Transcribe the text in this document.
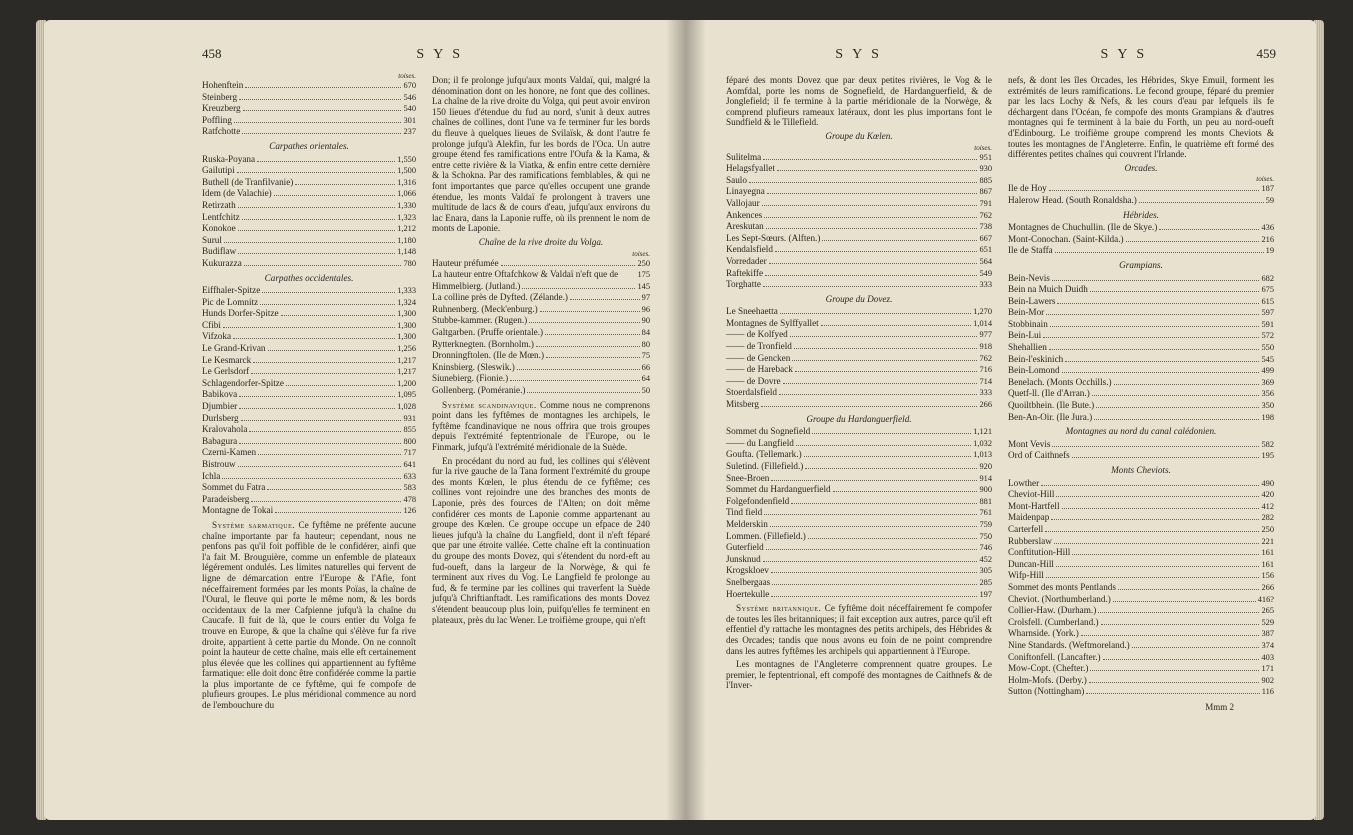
458	S Y S
toises.
Hohenftein	670
Steinberg	546
Kreuzberg	540
Poffling	301
Ratfchotte	237
Carpathes orientales.
Ruska-Poyana	1,550
Gailutipi	1,500
Buthell (de Tranfilvanie)	1,316
Idem (de Valachie)	1,066
Retirzath	1,330
Lentfchitz	1,323
Konokoe	1,212
Surul	1,180
Budiflaw	1,148
Kukurazza	780
Carpathes occidentales.
Eiffhaler-Spitze	1,333
Pic de Lomnitz	1,324
Hunds Dorfer-Spitze	1,300
Cfibi	1,300
Vifzoka	1,300
Le Grand-Krivan	1,256
Le Kesmarck	1,217
Le Gerlsdorf	1,217
Schlagendorfer-Spitze	1,200
Babikova	1,095
Djumbier	1,028
Durlsberg	931
Kralovahola	855
Babagura	800
Czerni-Kamen	717
Bistrouw	641
Ichla	633
Sommet du Fatra	583
Paradeisberg	478
Montagne de Tokai	126

Système sarmatique. Ce fyftême ne préfente aucune chaîne importante par fa hauteur; cependant, nous ne penfons pas qu'il foit poffible de le confidérer, ainfi que l'a fait M. Brouguière, comme un enfemble de plateaux légérement ondulés. Les limites naturelles qui fervent de ligne de démarcation entre l'Europe & l'Afie, font néceffairement formées par les monts Poïas, la chaîne de l'Oural, le fleuve qui porte le même nom, & les bords occidentaux de la mer Cafpienne jufqu'à la chaîne du Caucafe. Il fuit de là, que le cours entier du Volga fe trouve en Europe, & que la chaîne qui s'élève fur fa rive droite, appartient à cette partie du Monde. On ne connoît point la hauteur de cette chaîne, mais elle eft certainement plus élevée que les collines qui appartiennent au fyftême farmatique: elle doit donc être confidérée comme la partie la plus importante de ce fyftême, qui fe compofe de plufieurs groupes. Le plus méridional commence au nord de l'embouchure du

Don; il fe prolonge jufqu'aux monts Valdaï, qui, malgré la dénomination dont on les honore, ne font que des collines. La chaîne de la rive droite du Volga, qui peut avoir environ 150 lieues d'étendue du fud au nord, s'unit à deux autres chaînes de collines, dont l'une va fe terminer fur les bords du fleuve à quelques lieues de Svilaïsk, & dont l'autre fe prolonge jufqu'à Alekfin, fur les bords de l'Oca. Un autre groupe étend fes ramifications entre l'Oufa & la Kama, & entre cette rivière & la Viatka, & enfin entre cette dernière & la Schokna. Par des ramifications femblables, & qui ne font importantes que parce qu'elles occupent une grande étendue, les monts Valdaï fe prolongent à travers une multitude de lacs & de cours d'eau, jufqu'aux environs du lac Enara, dans la Laponie ruffe, où ils prennent le nom de monts de Laponie.

Chaîne de la rive droite du Volga.
toises.
Hauteur préfumée	250
La hauteur entre Oftafchkow & Valdaï n'eft que de	175
Himmelbierg. (Jutland.)	145
La colline près de Dyfted. (Zélande.)	97
Ruhnenberg. (Meck'enburg.)	96
Stubbe-kammer. (Rugen.)	90
Galtgarben. (Pruffe orientale.)	84
Rytterknegten. (Bornholm.)	80
Dronningftolen. (Ile de Mœn.)	75
Kninsbierg. (Sleswik.)	66
Siunebierg. (Fionie.)	64
Gollenberg. (Poméranie.)	50

Système scandinavique. Comme nous ne comprenons point dans les fyftêmes de montagnes les archipels, le fyftême fcandinavique ne nous offrira que trois groupes depuis l'extrémité feptentrionale de l'Europe, ou le Finmark, jufqu'à l'extrémité méridionale de la Suède.

En procédant du nord au fud, les collines qui s'élèvent fur la rive gauche de la Tana forment l'extrémité du groupe des monts Kœlen, le plus étendu de ce fyftême; ces collines vont rejoindre une des branches des monts de Laponie, près des fources de l'Alten; on doit même confidérer ces monts de Laponie comme appartenant au groupe des Kœlen. Ce groupe occupe un efpace de 240 lieues jufqu'à la chaîne du Langfield, dont il n'eft féparé que par une étroite vallée. Cette chaîne eft la continuation du groupe des monts Dovez, qui s'étendent du nord-eft au fud-oueft, dans la largeur de la Norwège, & qui fe terminent aux rives du Vog. Le Langfield fe prolonge au fud, & fe termine par les collines qui traverfent la Suède jufqu'à Chriftianftadt. Les ramifications des monts Dovez s'étendent beaucoup plus loin, puifqu'elles fe terminent en plateaux, près du lac Wener. Le troifième groupe, qui n'eft

S Y S	S Y S	459

féparé des monts Dovez que par deux petites rivières, le Vog & le Aomfdal, porte les noms de Sognefield, de Hardanguerfield, & de Jonglefield; il fe termine à la partie méridionale de la Norwège, & comprend plufieurs rameaux latéraux, dont les plus importans font le Sundfield & le Tillefield.

Groupe du Kœlen.
toises.
Sulitelma	951
Helagsfyallet	930
Saulo	885
Linayegna	867
Vallojaur	791
Ankences	762
Areskutan	738
Les Sept-Sœurs. (Alften.)	667
Kendalsfield	651
Vorredader	564
Raftekiffe	549
Torghatte	333
Groupe du Dovez.
Le Sneehaetta	1,270
Montagnes de Sylffyallet	1,014
—— de Kolfyed	977
—— de Tronfield	918
—— de Gencken	762
—— de Hareback	716
—— de Dovre	714
Stoerdalsfield	333
Mitsberg	266
Groupe du Hardanguerfield.
Sommet du Sognefield	1,121
—— du Langfield	1,032
Goufta. (Tellemark.)	1,013
Suletind. (Fillefield.)	920
Snee-Broen	914
Sommet du Hardanguerfield	900
Folgefondenfield	881
Tind field	761
Melderskin	759
Lommen. (Fillefield.)	750
Guterfield	746
Junsknud	452
Krogskloev	305
Snelbergaas	285
Hoertekulle	197

Système britannique. Ce fyftême doit néceffairement fe compofer de toutes les îles britanniques; il fait exception aux autres, parce qu'il eft effentiel d'y rattache les montagnes des petits archipels, des Hébrides & des Orcades; tandis que nous avons eu foin de ne point comprendre dans les autres fyftêmes les archipels qui appartiennent à l'Europe.

Les montagnes de l'Angleterre comprennent quatre groupes. Le premier, le feptentrional, eft compofé des montagnes de Caithnefs & de l'Inver-

nefs, & dont les îles Orcades, les Hébrides, Skye Emuil, forment les extrémités de leurs ramifications. Le fecond groupe, féparé du premier par les lacs Lochy & Nefs, & les cours d'eau par lefquels ils fe déchargent dans l'Océan, fe compofe des monts Grampians & d'autres montagnes qui fe terminent à la baie du Forth, un peu au nord-oueft d'Edinbourg. Le troifième groupe comprend les monts Cheviots & toutes les montagnes de l'Angleterre. Enfin, le quatrième eft formé des différentes petites chaînes qui couvrent l'Irlande.

Orcades.
toises.
Ile de Hoy	187
Halerow Head. (South Ronaldsha.)	59
Hébrides.
Montagnes de Chuchullin. (Ile de Skye.)	436
Mont-Conochan. (Saint-Kilda.)	216
Ile de Staffa	19
Grampians.
Bein-Nevis	682
Bein na Muich Duidh	675
Bein-Lawers	615
Bein-Mor	597
Stobbinain	591
Bein-Lui	572
Shehallien	550
Bein-l'eskinich	545
Bein-Lomond	499
Benelach. (Monts Occhills.)	369
Quetf-ll. (Ile d'Arran.)	356
Quoiltbhein. (Ile Bute.)	350
Ben-An-Oir. (Ile Jura.)	198
Montagnes au nord du canal calédonien.
Mont Vevis	582
Ord of Caithnefs	195
Monts Cheviots.
Lowther	490
Cheviot-Hill	420
Mont-Hartfell	412
Maidenpap	282
Carterfell	250
Rubberslaw	221
Conftitution-Hill	161
Duncan-Hill	161
Wifp-Hill	156
Sommet des monts Pentlands	266
Cheviot. (Northumberland.)	416?
Collier-Haw. (Durham.)	265
Crolsfell. (Cumberland.)	529
Wharnside. (York.)	387
Nine Standards. (Weftmoreland.)	374
Coniftonfell. (Lancafter.)	403
Mow-Copt. (Chefter.)	171
Holm-Mofs. (Derby.)	902
Sutton (Nottingham)	116
Mmm 2
